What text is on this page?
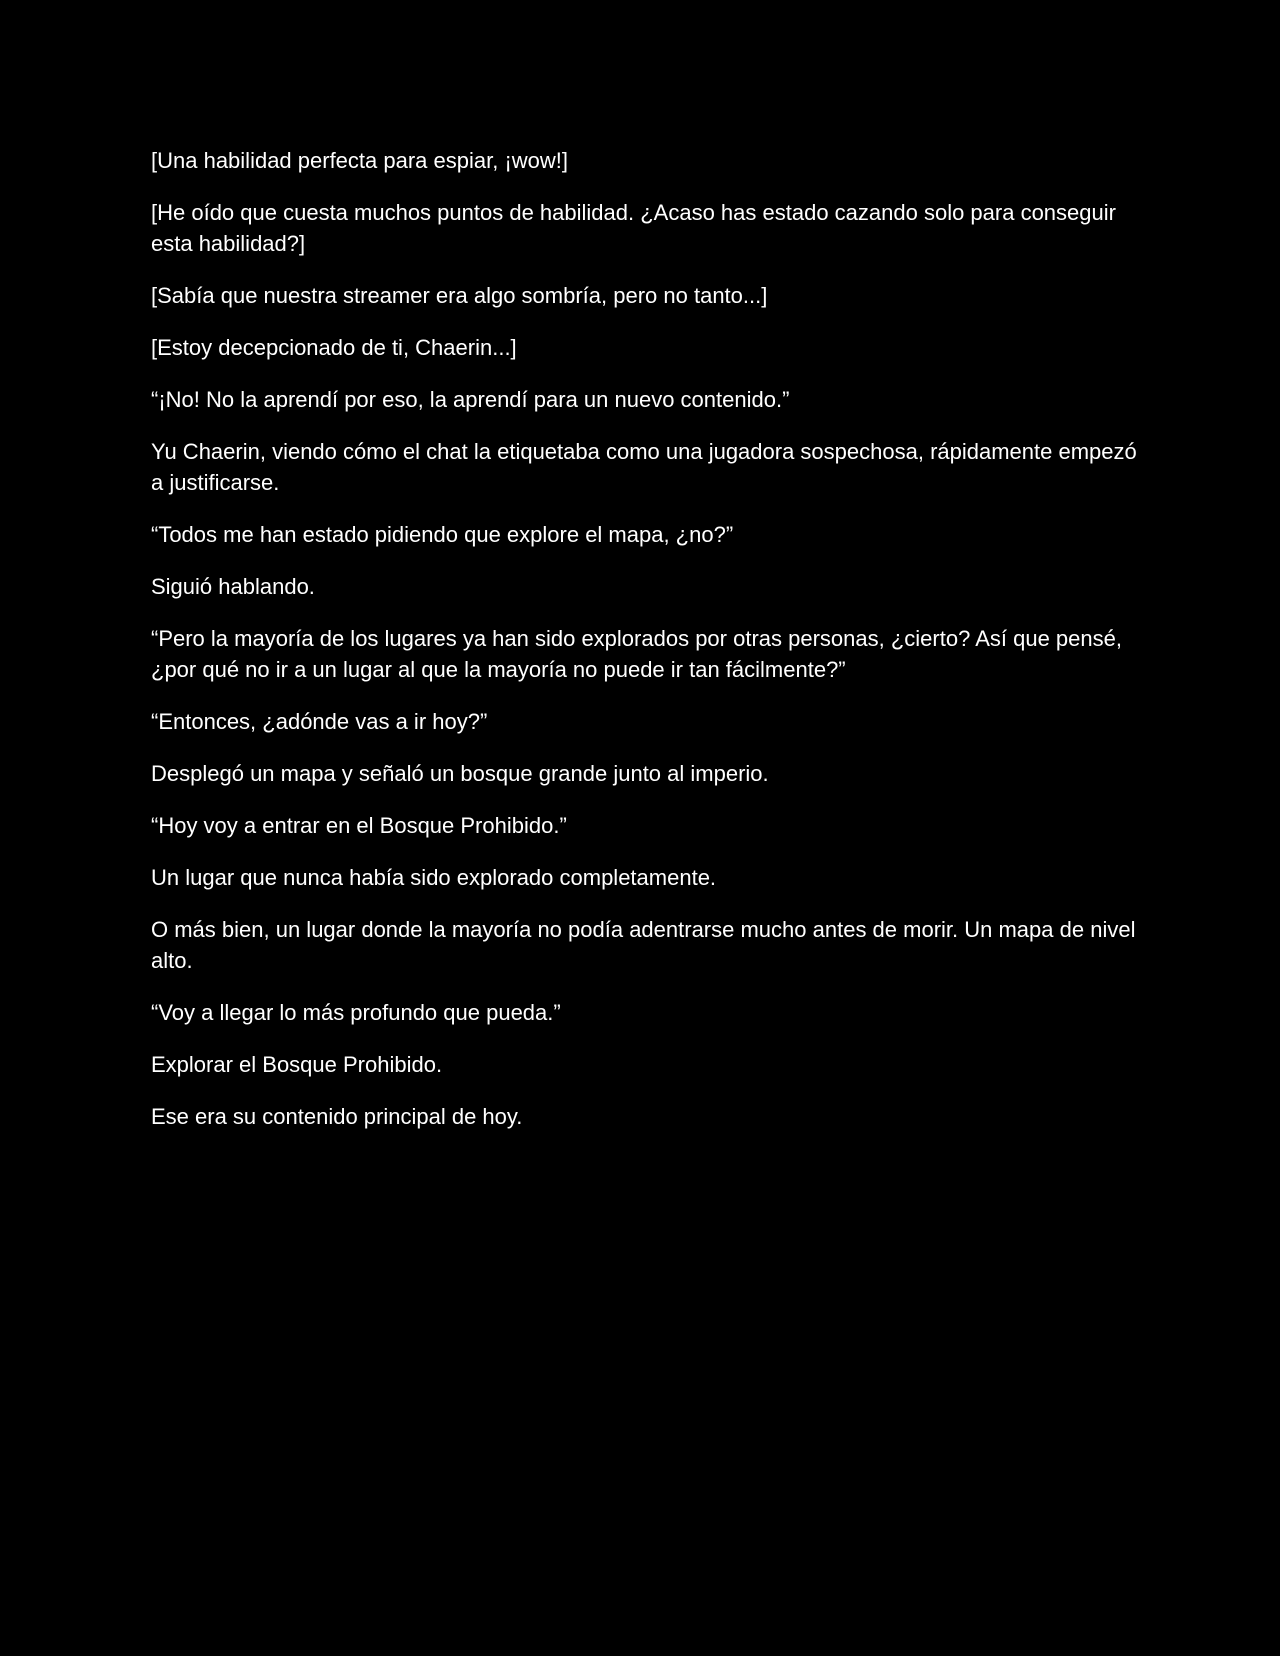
[Una habilidad perfecta para espiar, ¡wow!]

[He oído que cuesta muchos puntos de habilidad. ¿Acaso has estado cazando solo para conseguir esta habilidad?]

[Sabía que nuestra streamer era algo sombría, pero no tanto...]

[Estoy decepcionado de ti, Chaerin...]

“¡No! No la aprendí por eso, la aprendí para un nuevo contenido.”

Yu Chaerin, viendo cómo el chat la etiquetaba como una jugadora sospechosa, rápidamente empezó a justificarse.

“Todos me han estado pidiendo que explore el mapa, ¿no?”

Siguió hablando.

“Pero la mayoría de los lugares ya han sido explorados por otras personas, ¿cierto? Así que pensé, ¿por qué no ir a un lugar al que la mayoría no puede ir tan fácilmente?”

“Entonces, ¿adónde vas a ir hoy?”

Desplegó un mapa y señaló un bosque grande junto al imperio.

“Hoy voy a entrar en el Bosque Prohibido.”

Un lugar que nunca había sido explorado completamente.

O más bien, un lugar donde la mayoría no podía adentrarse mucho antes de morir. Un mapa de nivel alto.

“Voy a llegar lo más profundo que pueda.”

Explorar el Bosque Prohibido.

Ese era su contenido principal de hoy.
